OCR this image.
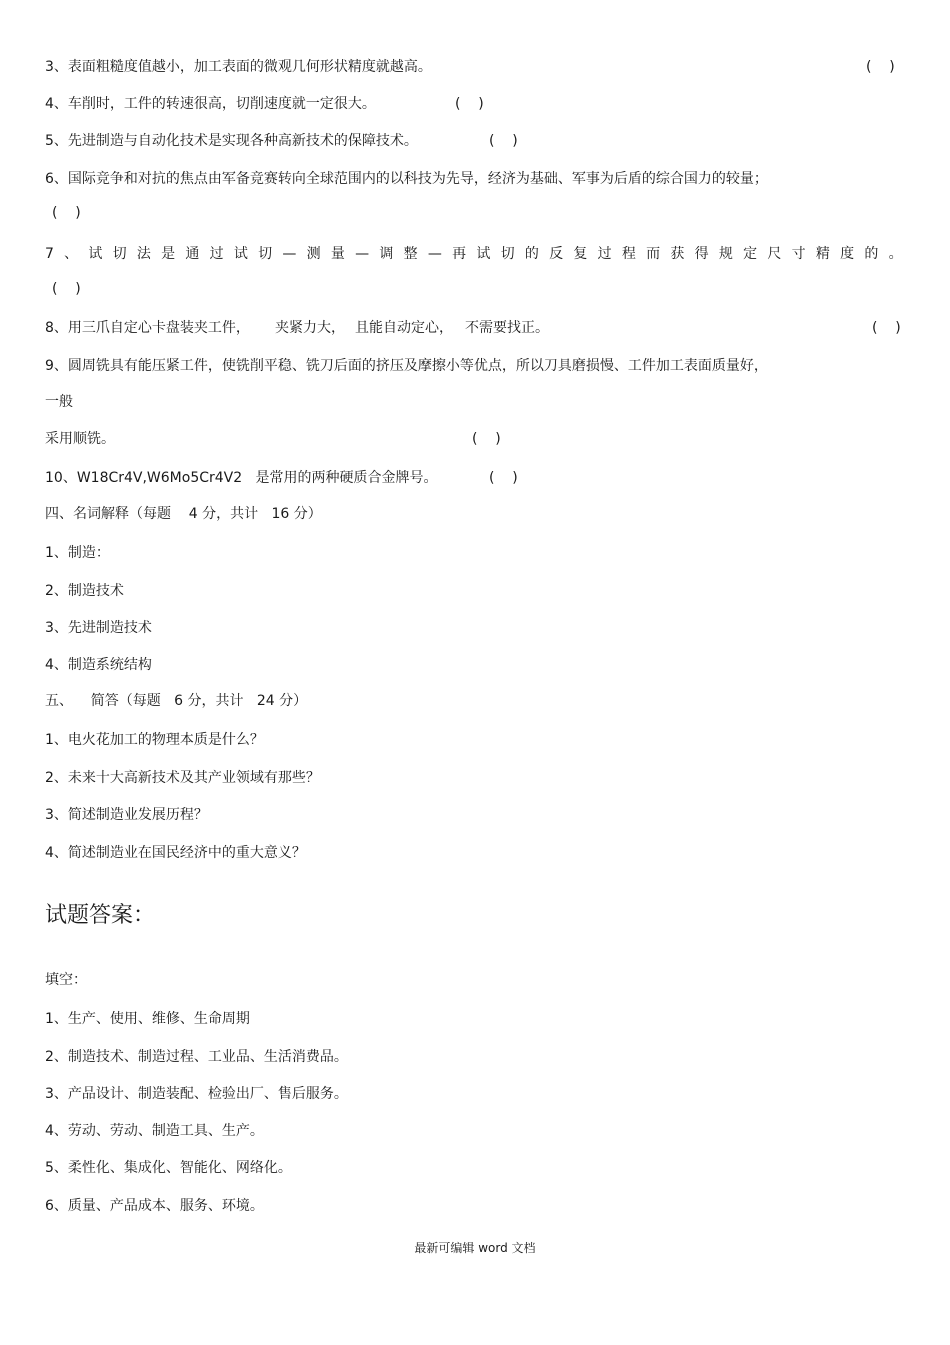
3、表面粗糙度值越小，加工表面的微观几何形状精度就越高。	(    )
4、车削时，工件的转速很高，切削速度就一定很大。	(    )
5、先进制造与自动化技术是实现各种高新技术的保障技术。	(    )
6、国际竞争和对抗的焦点由军备竞赛转向全球范围内的以科技为先导，经济为基础、军事为后盾的综合国力的较量；
(    )
7 、 试 切 法 是 通 过 试 切 — 测 量 — 调 整 — 再 试 切 的 反 复 过 程 而 获 得 规 定 尺 寸 精 度 的 。
(    )
8、用三爪自定心卡盘装夹工件， 夹紧力大， 且能自动定心， 不需要找正。	(    )
9、圆周铣具有能压紧工件，使铣削平稳、铣刀后面的挤压及摩擦小等优点，所以刀具磨损慢、工件加工表面质量好，
一般
采用顺铣。	(    )
10、W18Cr4V,W6Mo5Cr4V2   是常用的两种硬质合金牌号。	(    )
四、名词解释（每题    4 分，共计   16 分）
1、制造：
2、制造技术
3、先进制造技术
4、制造系统结构
五、    简答（每题   6 分，共计   24 分）
1、电火花加工的物理本质是什么？
2、未来十大高新技术及其产业领域有那些？
3、简述制造业发展历程？
4、简述制造业在国民经济中的重大意义？
试题答案：
填空：
1、生产、使用、维修、生命周期
2、制造技术、制造过程、工业品、生活消费品。
3、产品设计、制造装配、检验出厂、售后服务。
4、劳动、劳动、制造工具、生产。
5、柔性化、集成化、智能化、网络化。
6、质量、产品成本、服务、环境。
最新可编辑 word 文档
